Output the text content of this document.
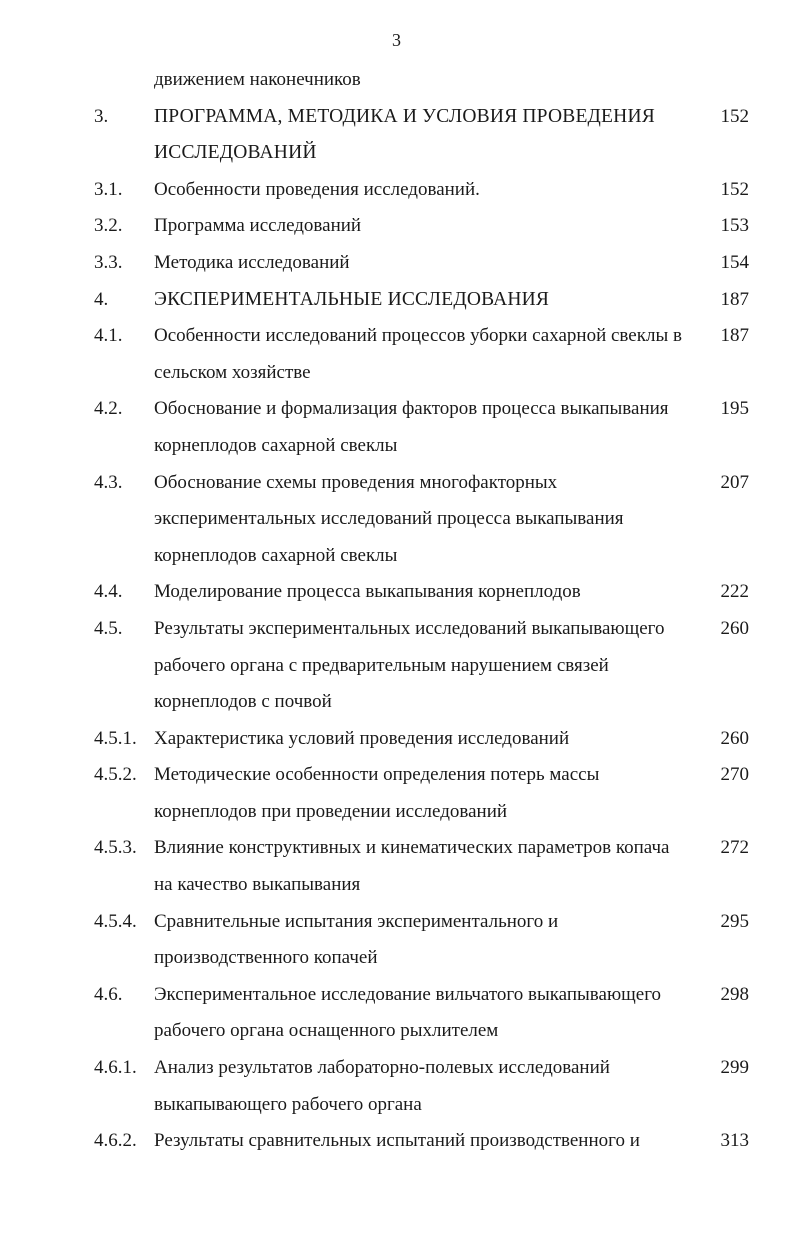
3
движением наконечников
3. ПРОГРАММА, МЕТОДИКА И УСЛОВИЯ ПРОВЕДЕНИЯ	152
ИССЛЕДОВАНИЙ
3.1. Особенности проведения исследований.	152
3.2. Программа исследований	153
3.3. Методика исследований	154
4. ЭКСПЕРИМЕНТАЛЬНЫЕ ИССЛЕДОВАНИЯ	187
4.1. Особенности исследований процессов уборки сахарной свеклы в 187
сельском хозяйстве
4.2. Обоснование и формализация факторов процесса выкапывания	195
корнеплодов сахарной свеклы
4.3. Обоснование схемы проведения многофакторных	207
экспериментальных исследований процесса выкапывания
корнеплодов сахарной свеклы
4.4. Моделирование процесса выкапывания корнеплодов	222
4.5. Результаты экспериментальных исследований выкапывающего	260
рабочего органа с предварительным нарушением связей
корнеплодов с почвой
4.5.1. Характеристика условий проведения исследований	260
4.5.2. Методические особенности определения потерь массы	270
корнеплодов при проведении исследований
4.5.3. Влияние конструктивных и кинематических параметров копача	272
на качество выкапывания
4.5.4. Сравнительные испытания экспериментального и	295
производственного копачей
4.6. Экспериментальное исследование вильчатого выкапывающего	298
рабочего органа оснащенного рыхлителем
4.6.1. Анализ результатов лабораторно-полевых исследований	299
выкапывающего рабочего органа
4.6.2. Результаты сравнительных испытаний производственного и	313
